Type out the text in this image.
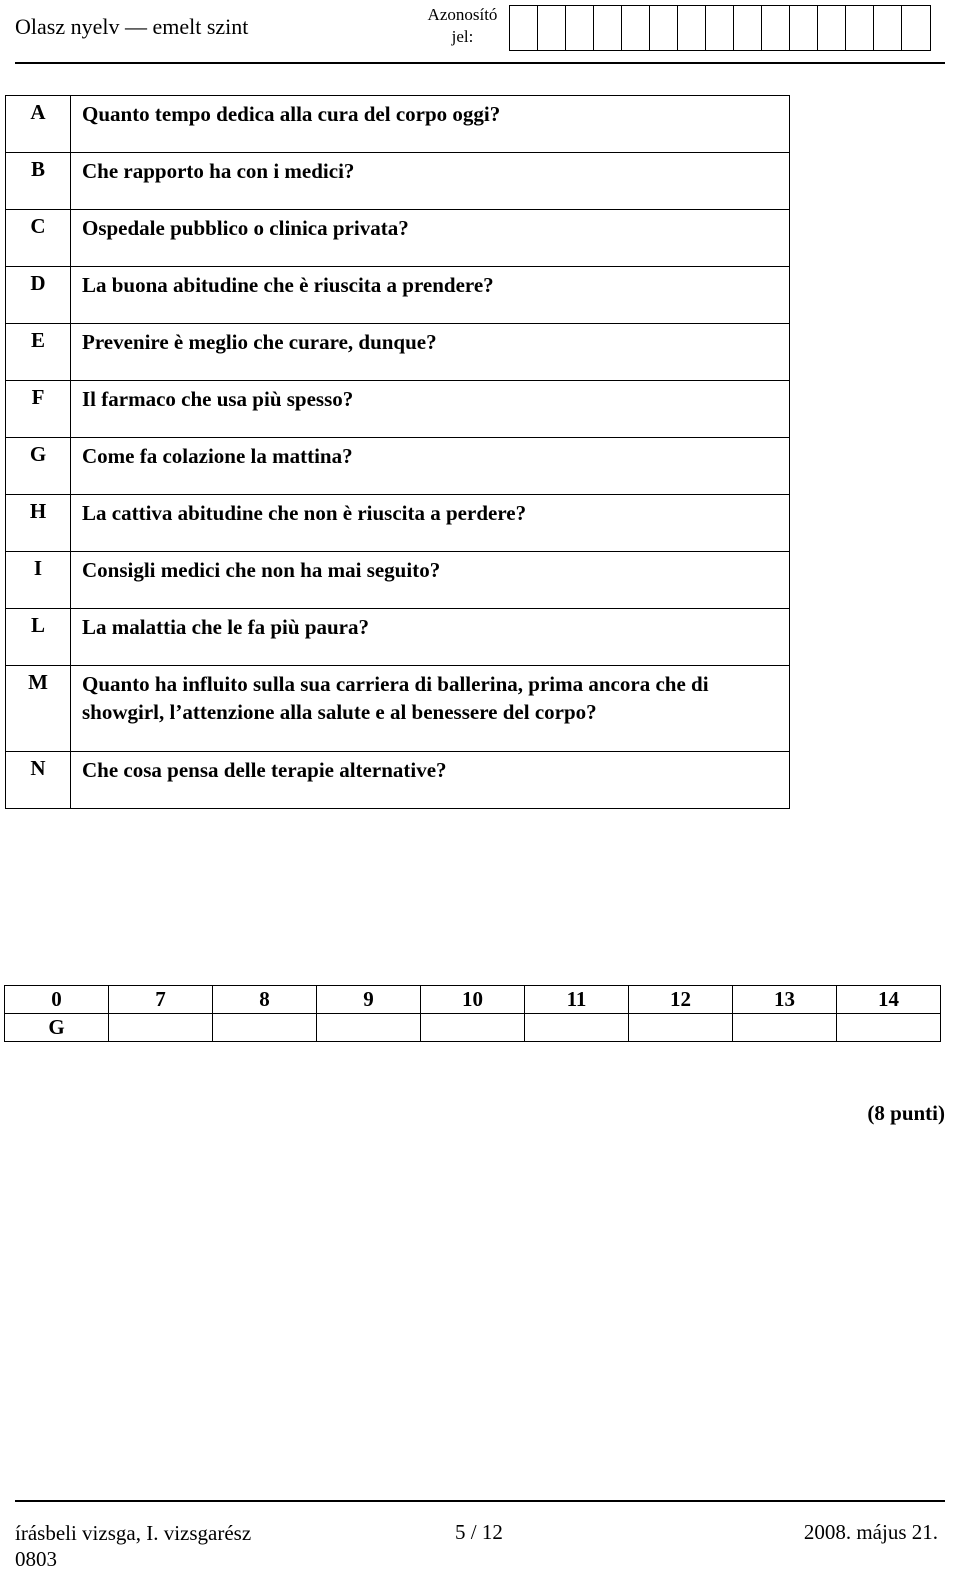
Olasz nyelv — emelt szint	Azonosító
jel:
A	Quanto tempo dedica alla cura del corpo oggi?
B	Che rapporto ha con i medici?
C	Ospedale pubblico o clinica privata?
D	La buona abitudine che è riuscita a prendere?
E	Prevenire è meglio che curare, dunque?
F	Il farmaco che usa più spesso?
G	Come fa colazione la mattina?
H	La cattiva abitudine che non è riuscita a perdere?
I	Consigli medici che non ha mai seguito?
L	La malattia che le fa più paura?
M	Quanto ha influito sulla sua carriera di ballerina, prima ancora che di showgirl, l’attenzione alla salute e al benessere del corpo?
N	Che cosa pensa delle terapie alternative?
0	7	8	9	10	11	12	13	14
G								
(8 punti)
írásbeli vizsga, I. vizsgarész
0803
5 / 12	2008. május 21.
